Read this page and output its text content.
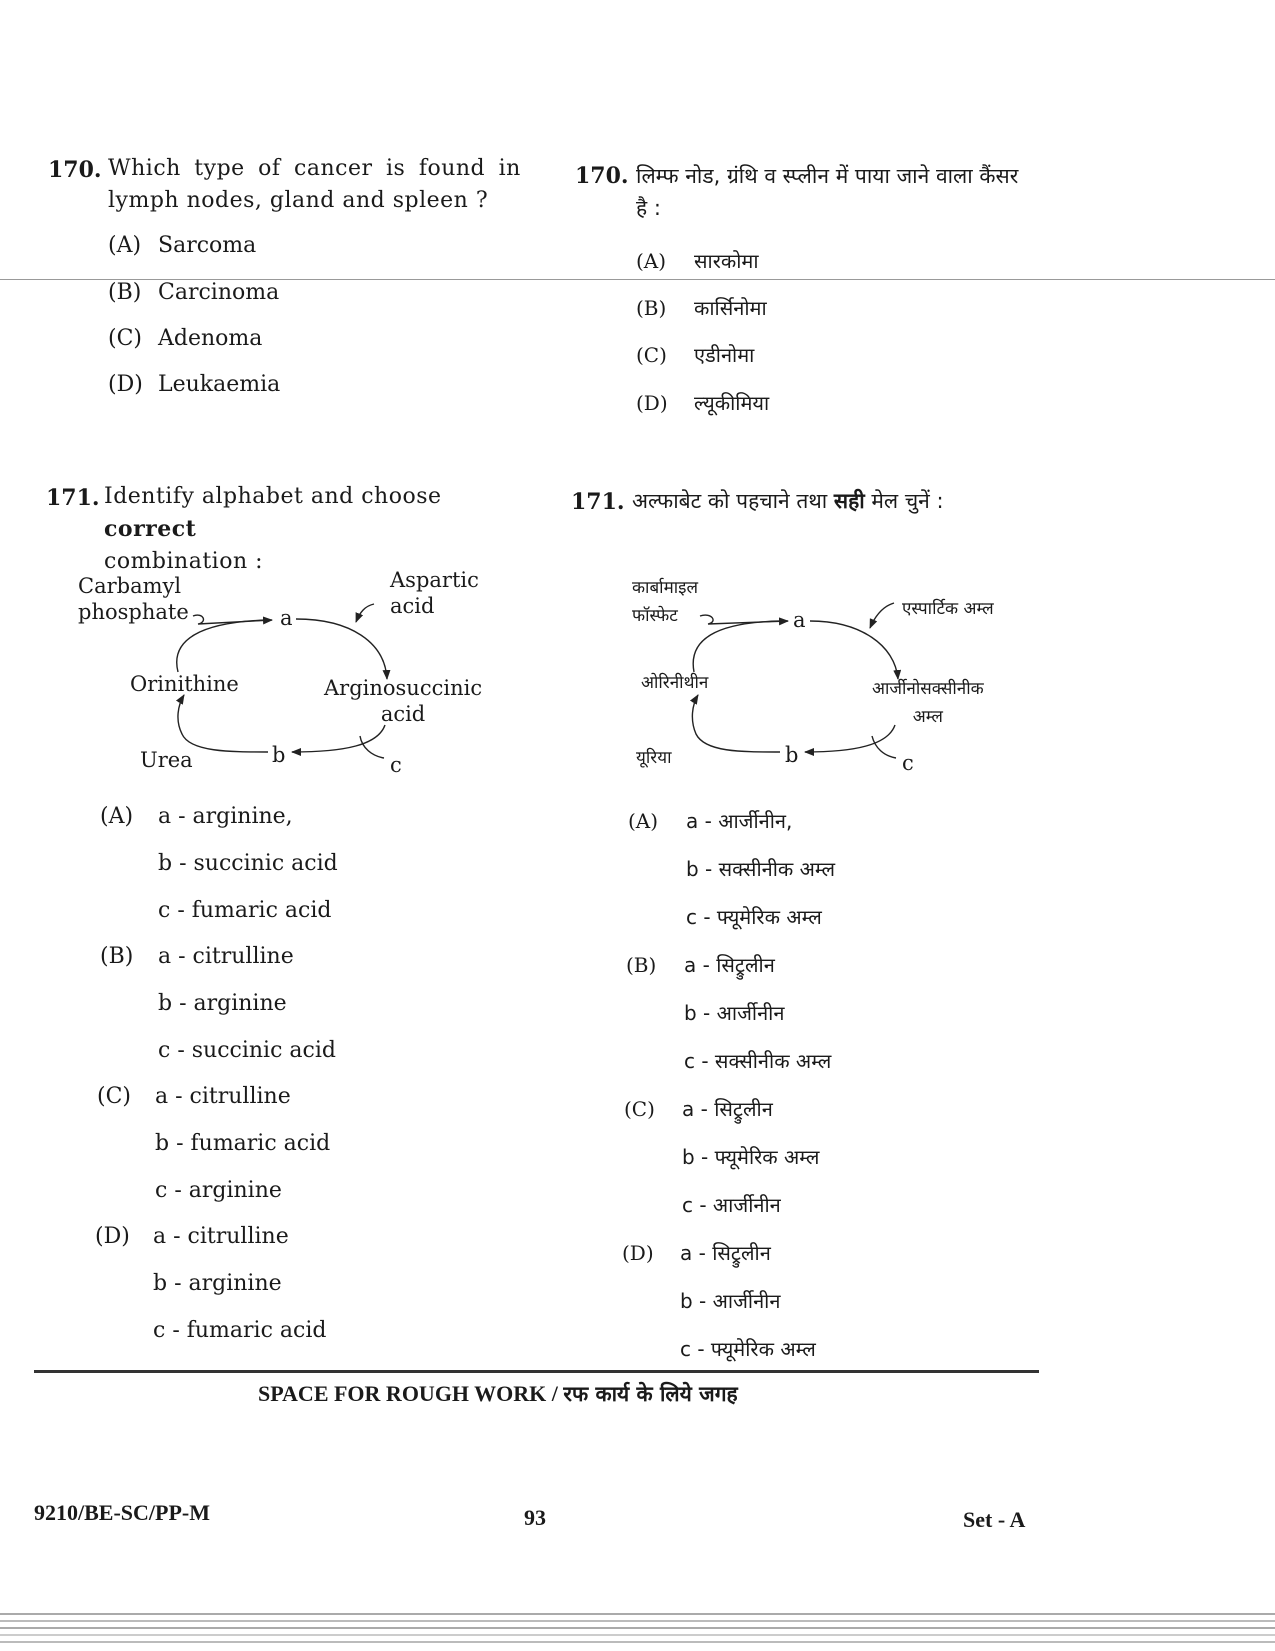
170. Which type of cancer is found in
lymph nodes, gland and spleen ?
(A) Sarcoma
(B) Carcinoma
(C) Adenoma
(D) Leukaemia
170. लिम्फ नोड, ग्रंथि व स्प्लीन में पाया जाने वाला कैंसर
है :
(A) सारकोमा
(B) कार्सिनोमा
(C) एडीनोमा
(D) ल्यूकीमिया
171. Identify alphabet and choose correct
combination :
Carbamyl
phosphate
Aspartic
acid
a
Orinithine	Arginosuccinic
acid
Urea	b	c
(A) a - arginine,
b - succinic acid
c - fumaric acid
(B) a - citrulline
b - arginine
c - succinic acid
(C) a - citrulline
b - fumaric acid
c - arginine
(D) a - citrulline
b - arginine
c - fumaric acid
171. अल्फाबेट को पहचाने तथा सही मेल चुनें :
कार्बामाइल
फॉस्फेट	एस्पार्टिक अम्ल
a
ओरिनीथीन	आर्जीनोसक्सीनीक
अम्ल
यूरिया	b	c
(A) a - आर्जीनीन,
b - सक्सीनीक अम्ल
c - फ्यूमेरिक अम्ल
(B) a - सिट्रुलीन
b - आर्जीनीन
c - सक्सीनीक अम्ल
(C) a - सिट्रुलीन
b - फ्यूमेरिक अम्ल
c - आर्जीनीन
(D) a - सिट्रुलीन
b - आर्जीनीन
c - फ्यूमेरिक अम्ल
SPACE FOR ROUGH WORK / रफ कार्य के लिये जगह
9210/BE-SC/PP-M	93	Set - A
